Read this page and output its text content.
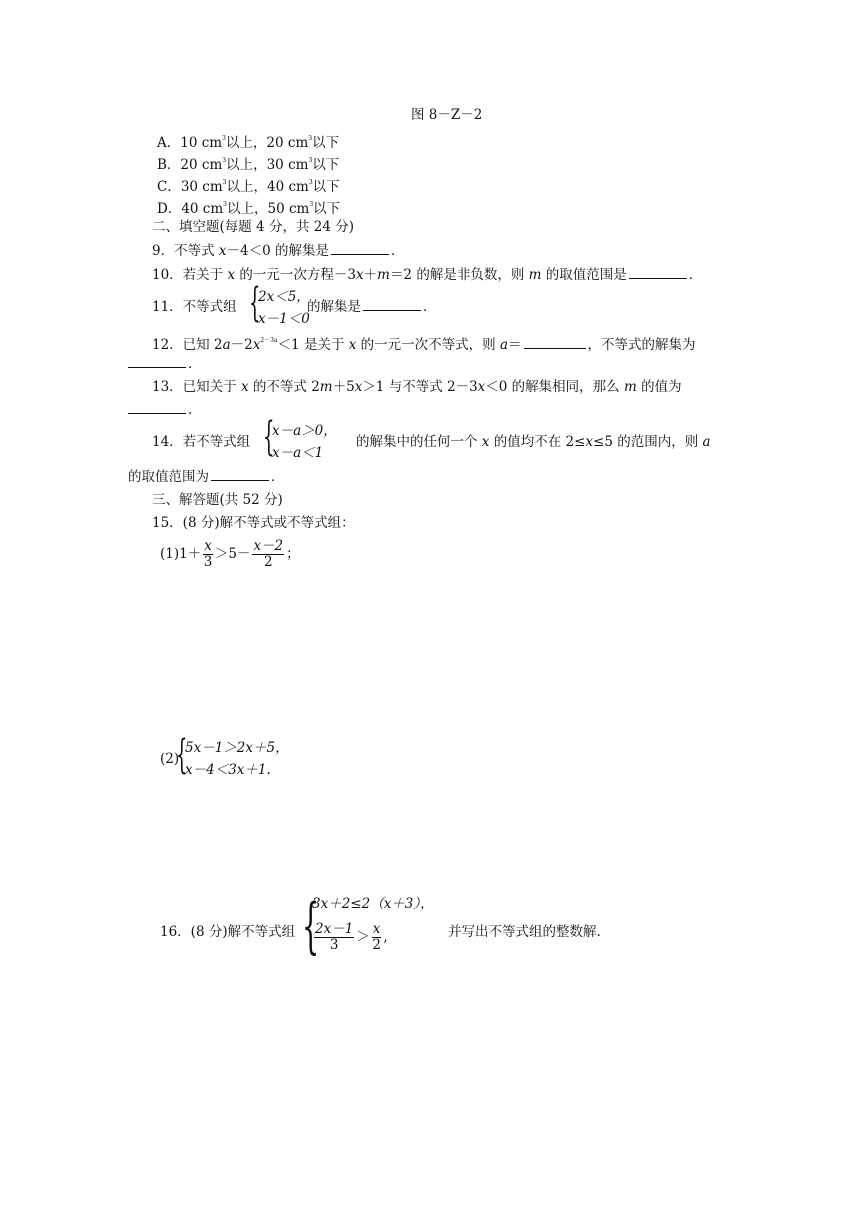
图 8－Z－2
A．10 $cm^3$以上，20 $cm^3$以下
B．20 $cm^3$以上，30 $cm^3$以下
C．30 $cm^3$以上，40 $cm^3$以下
D．40 $cm^3$以上，50 $cm^3$以下
二、填空题(每题 4 分，共 24 分)
9．不等式 x－4＜0 的解集是	．
10．若关于 x 的一元一次方程－3x＋m＝2 的解是非负数，则 m 的取值范围是	．
11．不等式组 {
2x＜5，
x－1＜0
的解集是	．
12．已知 $2a-2x^{2-3a}<1$ 是关于 x 的一元一次不等式，则 a＝	，不等式的解集为
．
13．已知关于 x 的不等式 2m＋5x＞1 与不等式 2－3x＜0 的解集相同，那么 m 的值为
．
14．若不等式组 {
x－a＞0，
x－a＜1
的解集中的任何一个 x 的值均不在 2≤x≤5 的范围内，则 a
的取值范围为	．
三、解答题(共 52 分)
15．(8 分)解不等式或不等式组：
$(1)1+ \frac{x}{3} >5- \frac{x-2}{2}$ ；
(2)
{
5x－1＞2x＋5，
x－4＜3x＋1.
16．(8 分)解不等式组 {
3x＋2≤2（x＋3），
$\frac{2x-1}{3} > \frac{x}{2}$ ,	并写出不等式组的整数解.
